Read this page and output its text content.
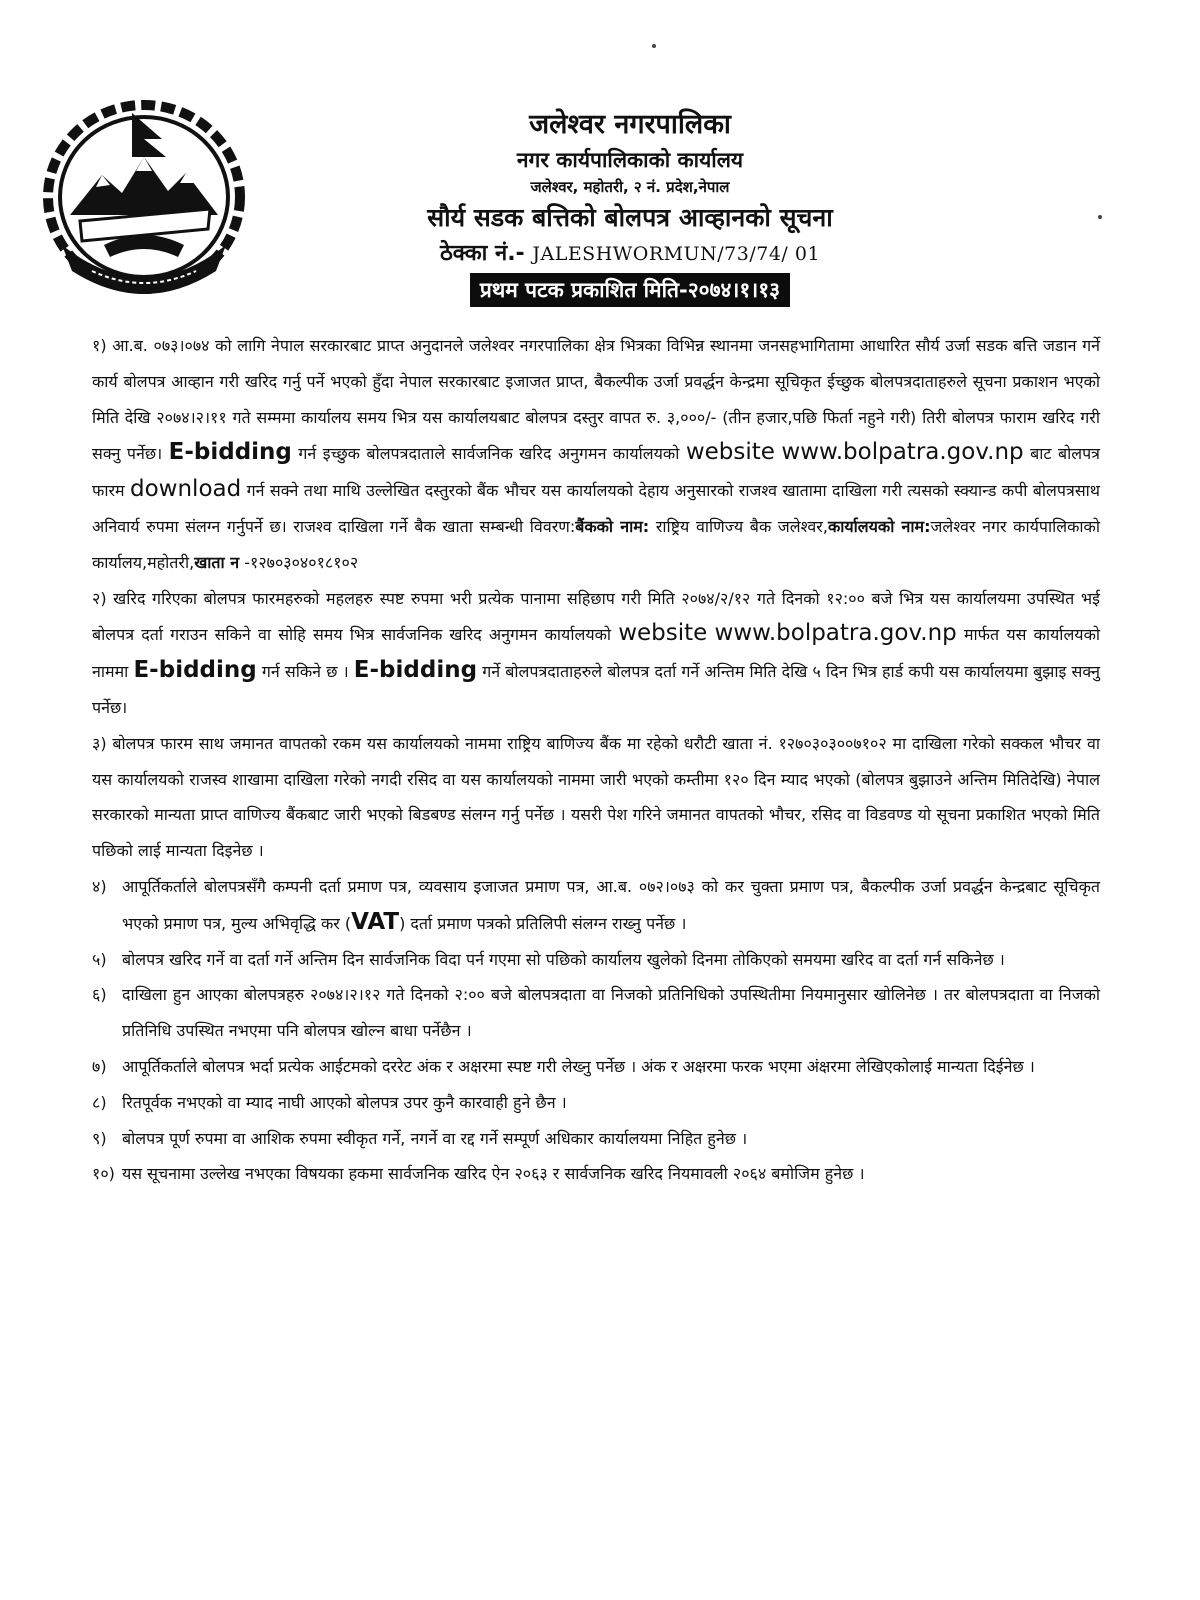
जलेश्वर नगरपालिका
नगर कार्यपालिकाको कार्यालय
जलेश्वर, महोतरी, २ नं. प्रदेश,नेपाल
सौर्य सडक बत्तिको बोलपत्र आव्हानको सूचना
ठेक्का नं.- JALESHWORMUN/73/74/ 01
प्रथम पटक प्रकाशित मिति-२०७४।१।१३

१) आ.ब. ०७३।०७४ को लागि नेपाल सरकारबाट प्राप्त अनुदानले जलेश्वर नगरपालिका क्षेत्र भित्रका विभिन्न स्थानमा जनसहभागितामा आधारित सौर्य उर्जा सडक बत्ति जडान गर्ने कार्य बोलपत्र आव्हान गरी खरिद गर्नु पर्ने भएको हुँदा नेपाल सरकारबाट इजाजत प्राप्त, बैकल्पीक उर्जा प्रवर्द्धन केन्द्रमा सूचिकृत ईच्छुक बोलपत्रदाताहरुले सूचना प्रकाशन भएको मिति देखि २०७४।२।११ गते सम्ममा कार्यालय समय भित्र यस कार्यालयबाट बोलपत्र दस्तुर वापत रु. ३,०००/- (तीन हजार,पछि फिर्ता नहुने गरी) तिरी बोलपत्र फाराम खरिद गरी सक्नु पर्नेछ। E-bidding गर्न इच्छुक बोलपत्रदाताले सार्वजनिक खरिद अनुगमन कार्यालयको website www.bolpatra.gov.np बाट बोलपत्र फारम download गर्न सक्ने तथा माथि उल्लेखित दस्तुरको बैंक भौचर यस कार्यालयको देहाय अनुसारको राजश्व खातामा दाखिला गरी त्यसको स्क्यान्ड कपी बोलपत्रसाथ अनिवार्य रुपमा संलग्न गर्नुपर्ने छ। राजश्व दाखिला गर्ने बैक खाता सम्बन्धी विवरण:बैंकको नाम: राष्ट्रिय वाणिज्य बैक जलेश्वर,कार्यालयको नाम:जलेश्वर नगर कार्यपालिकाको कार्यालय,महोतरी,खाता न -१२७०३०४०१८१०२

२) खरिद गरिएका बोलपत्र फारमहरुको महलहरु स्पष्ट रुपमा भरी प्रत्येक पानामा सहिछाप गरी मिति २०७४/२/१२ गते दिनको १२:०० बजे भित्र यस कार्यालयमा उपस्थित भई बोलपत्र दर्ता गराउन सकिने वा सोहि समय भित्र सार्वजनिक खरिद अनुगमन कार्यालयको website www.bolpatra.gov.np मार्फत यस कार्यालयको नाममा E-bidding गर्न सकिने छ । E-bidding गर्ने बोलपत्रदाताहरुले बोलपत्र दर्ता गर्ने अन्तिम मिति देखि ५ दिन भित्र हार्ड कपी यस कार्यालयमा बुझाइ सक्नु पर्नेछ।

३) बोलपत्र फारम साथ जमानत वापतको रकम यस कार्यालयको नाममा राष्ट्रिय बाणिज्य बैंक मा रहेको धरौटी खाता नं. १२७०३०३००७१०२ मा दाखिला गरेको सक्कल भौचर वा यस कार्यालयको राजस्व शाखामा दाखिला गरेको नगदी रसिद वा यस कार्यालयको नाममा जारी भएको कम्तीमा १२० दिन म्याद भएको (बोलपत्र बुझाउने अन्तिम मितिदेखि) नेपाल सरकारको मान्यता प्राप्त वाणिज्य बैंकबाट जारी भएको बिडबण्ड संलग्न गर्नु पर्नेछ । यसरी पेश गरिने जमानत वापतको भौचर, रसिद वा विडवण्ड यो सूचना प्रकाशित भएको मिति पछिको लाई मान्यता दिइनेछ ।

४) आपूर्तिकर्ताले बोलपत्रसँगै कम्पनी दर्ता प्रमाण पत्र, व्यवसाय इजाजत प्रमाण पत्र, आ.ब. ०७२।०७३ को कर चुक्ता प्रमाण पत्र, बैकल्पीक उर्जा प्रवर्द्धन केन्द्रबाट सूचिकृत भएको प्रमाण पत्र, मुल्य अभिवृद्धि कर (VAT) दर्ता प्रमाण पत्रको प्रतिलिपी संलग्न राख्नु पर्नेछ ।
५) बोलपत्र खरिद गर्ने वा दर्ता गर्ने अन्तिम दिन सार्वजनिक विदा पर्न गएमा सो पछिको कार्यालय खुलेको दिनमा तोकिएको समयमा खरिद वा दर्ता गर्न सकिनेछ ।
६) दाखिला हुन आएका बोलपत्रहरु २०७४।२।१२ गते दिनको २:०० बजे बोलपत्रदाता वा निजको प्रतिनिधिको उपस्थितीमा नियमानुसार खोलिनेछ । तर बोलपत्रदाता वा निजको प्रतिनिधि उपस्थित नभएमा पनि बोलपत्र खोल्न बाधा पर्नेछैन ।
७) आपूर्तिकर्ताले बोलपत्र भर्दा प्रत्येक आईटमको दररेट अंक र अक्षरमा स्पष्ट गरी लेख्नु पर्नेछ । अंक र अक्षरमा फरक भएमा अंक्षरमा लेखिएकोलाई मान्यता दिईनेछ ।
८) रितपूर्वक नभएको वा म्याद नाघी आएको बोलपत्र उपर कुनै कारवाही हुने छैन ।
९) बोलपत्र पूर्ण रुपमा वा आशिक रुपमा स्वीकृत गर्ने, नगर्ने वा रद्द गर्ने सम्पूर्ण अधिकार कार्यालयमा निहित हुनेछ ।
१०) यस सूचनामा उल्लेख नभएका विषयका हकमा सार्वजनिक खरिद ऐन २०६३ र सार्वजनिक खरिद नियमावली २०६४ बमोजिम हुनेछ ।
